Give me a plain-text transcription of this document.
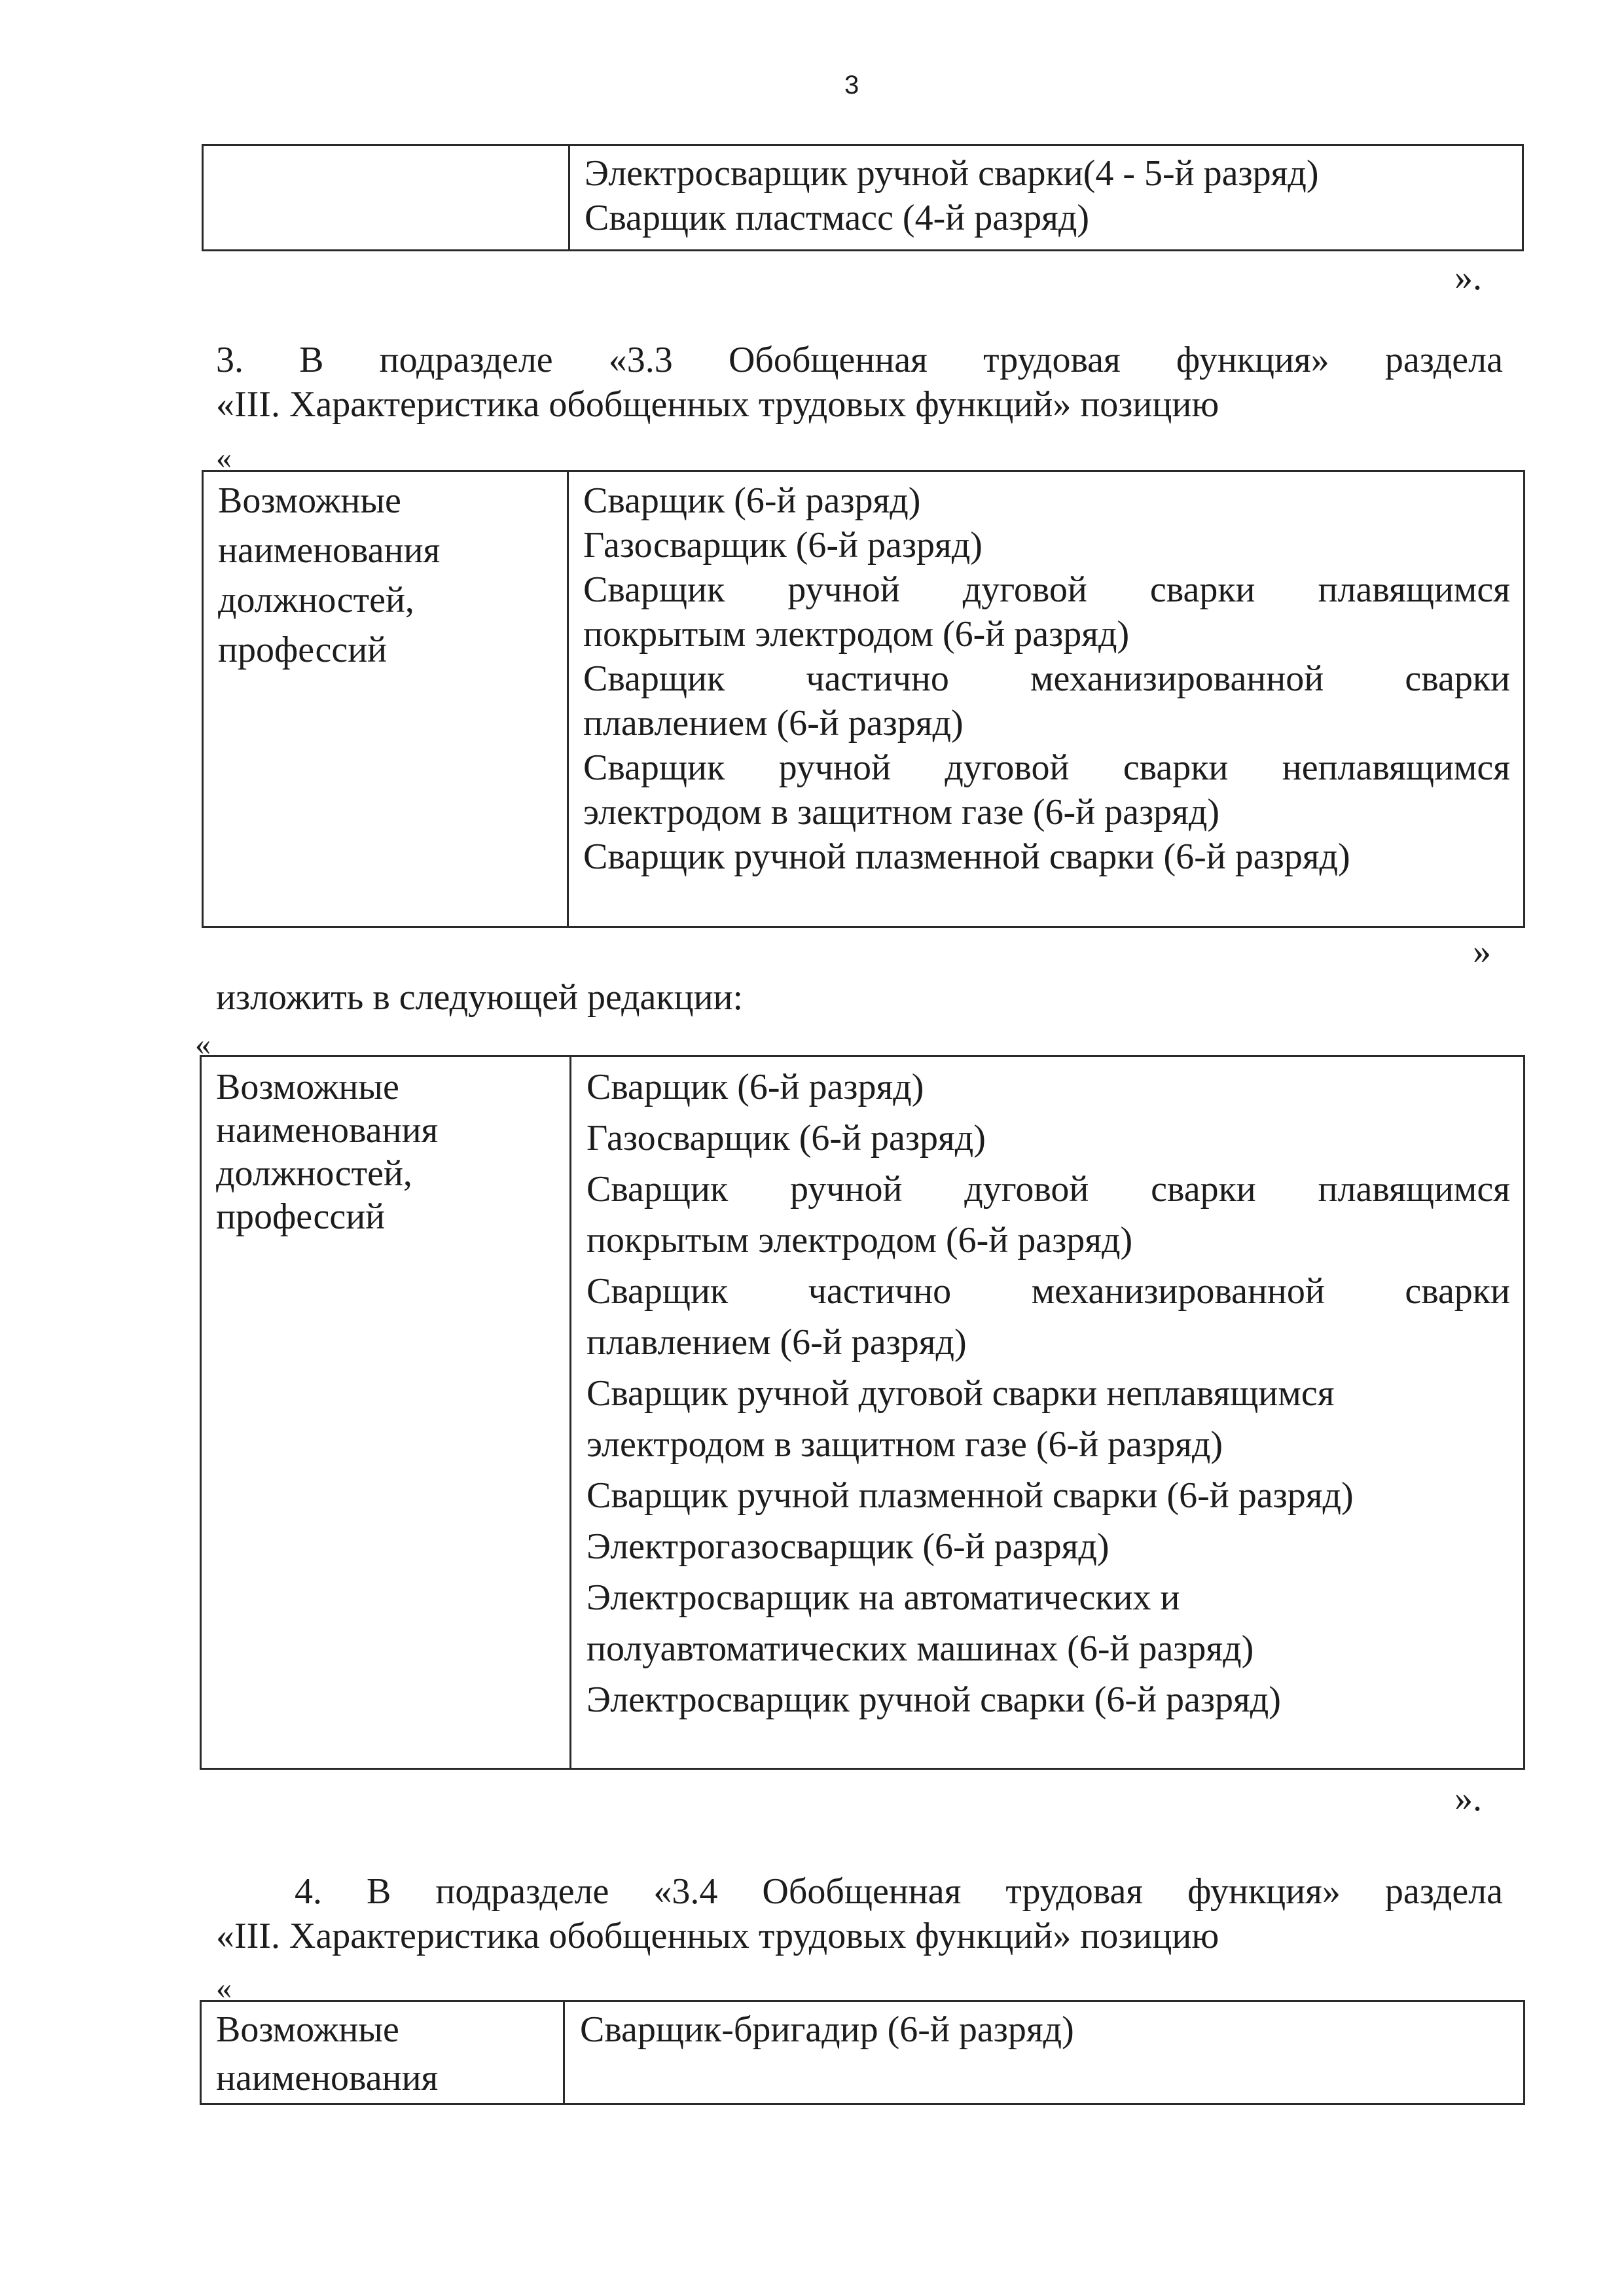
3
Электросварщик ручной сварки(4 - 5-й разряд)
Сварщик пластмасс (4-й разряд)
».
3. В подразделе «3.3 Обобщенная трудовая функция» раздела
«III. Характеристика обобщенных трудовых функций» позицию
«
Возможные
наименования
должностей,
профессий
Сварщик (6-й разряд)
Газосварщик (6-й разряд)
Сварщик ручной дуговой сварки плавящимся
покрытым электродом (6-й разряд)
Сварщик частично механизированной сварки
плавлением (6-й разряд)
Сварщик ручной дуговой сварки неплавящимся
электродом в защитном газе (6-й разряд)
Сварщик ручной плазменной сварки (6-й разряд)
»
изложить в следующей редакции:
«
Возможные
наименования
должностей,
профессий
Сварщик (6-й разряд)
Газосварщик (6-й разряд)
Сварщик ручной дуговой сварки плавящимся
покрытым электродом (6-й разряд)
Сварщик частично механизированной сварки
плавлением (6-й разряд)
Сварщик ручной дуговой сварки неплавящимся
электродом в защитном газе (6-й разряд)
Сварщик ручной плазменной сварки (6-й разряд)
Электрогазосварщик (6-й разряд)
Электросварщик на автоматических и
полуавтоматических машинах (6-й разряд)
Электросварщик ручной сварки (6-й разряд)
».
4. В подразделе «3.4 Обобщенная трудовая функция» раздела
«III. Характеристика обобщенных трудовых функций» позицию
«
Возможные
наименования
Сварщик-бригадир (6-й разряд)
